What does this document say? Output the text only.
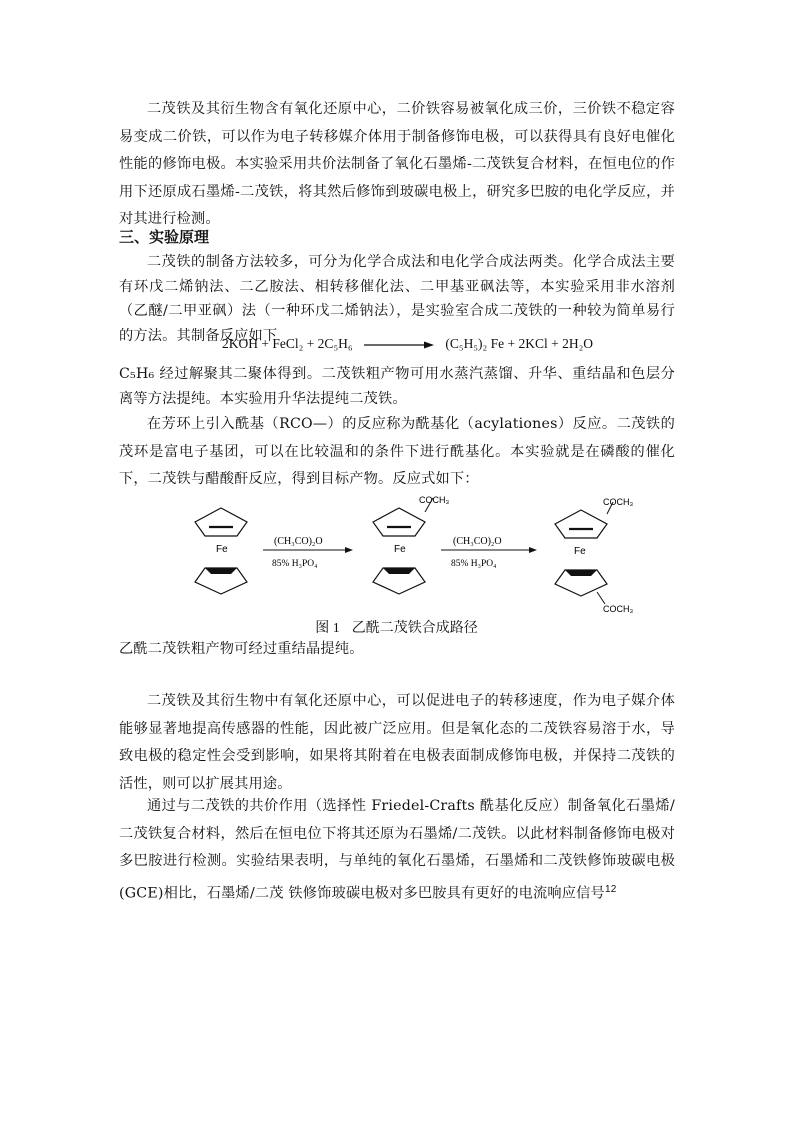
二茂铁及其衍生物含有氧化还原中心，二价铁容易被氧化成三价，三价铁不稳定容易变成二价铁，可以作为电子转移媒介体用于制备修饰电极，可以获得具有良好电催化性能的修饰电极。本实验采用共价法制备了氧化石墨烯-二茂铁复合材料，在恒电位的作用下还原成石墨烯-二茂铁，将其然后修饰到玻碳电极上，研究多巴胺的电化学反应，并对其进行检测。

三、实验原理

二茂铁的制备方法较多，可分为化学合成法和电化学合成法两类。化学合成法主要有环戊二烯钠法、二乙胺法、相转移催化法、二甲基亚砜法等，本实验采用非水溶剂（乙醚/二甲亚砜）法（一种环戊二烯钠法），是实验室合成二茂铁的一种较为简单易行的方法。其制备反应如下

2KOH + FeCl₂ + 2C₅H₆	(C₅H₅)₂ Fe + 2KCl + 2H₂O

C₅H₆ 经过解聚其二聚体得到。二茂铁粗产物可用水蒸汽蒸馏、升华、重结晶和色层分离等方法提纯。本实验用升华法提纯二茂铁。

在芳环上引入酰基（RCO—）的反应称为酰基化（acylationes）反应。二茂铁的茂环是富电子基团，可以在比较温和的条件下进行酰基化。本实验就是在磷酸的催化下，二茂铁与醋酸酐反应，得到目标产物。反应式如下：

Fe
(CH₃CO)₂O
85% H₃PO₄
COCH₃
Fe
(CH₃CO)₂O
85% H₃PO₄
COCH₃
Fe
COCH₃
图 1 乙酰二茂铁合成路径

乙酰二茂铁粗产物可经过重结晶提纯。

二茂铁及其衍生物中有氧化还原中心，可以促进电子的转移速度，作为电子媒介体能够显著地提高传感器的性能，因此被广泛应用。但是氧化态的二茂铁容易溶于水，导致电极的稳定性会受到影响，如果将其附着在电极表面制成修饰电极，并保持二茂铁的活性，则可以扩展其用途。

通过与二茂铁的共价作用（选择性 Friedel-Crafts 酰基化反应）制备氧化石墨烯/二茂铁复合材料，然后在恒电位下将其还原为石墨烯/二茂铁。以此材料制备修饰电极对多巴胺进行检测。实验结果表明，与单纯的氧化石墨烯，石墨烯和二茂铁修饰玻碳电极(GCE)相比，石墨烯/二茂 铁修饰玻碳电极对多巴胺具有更好的电流响应信号$^{12}$
